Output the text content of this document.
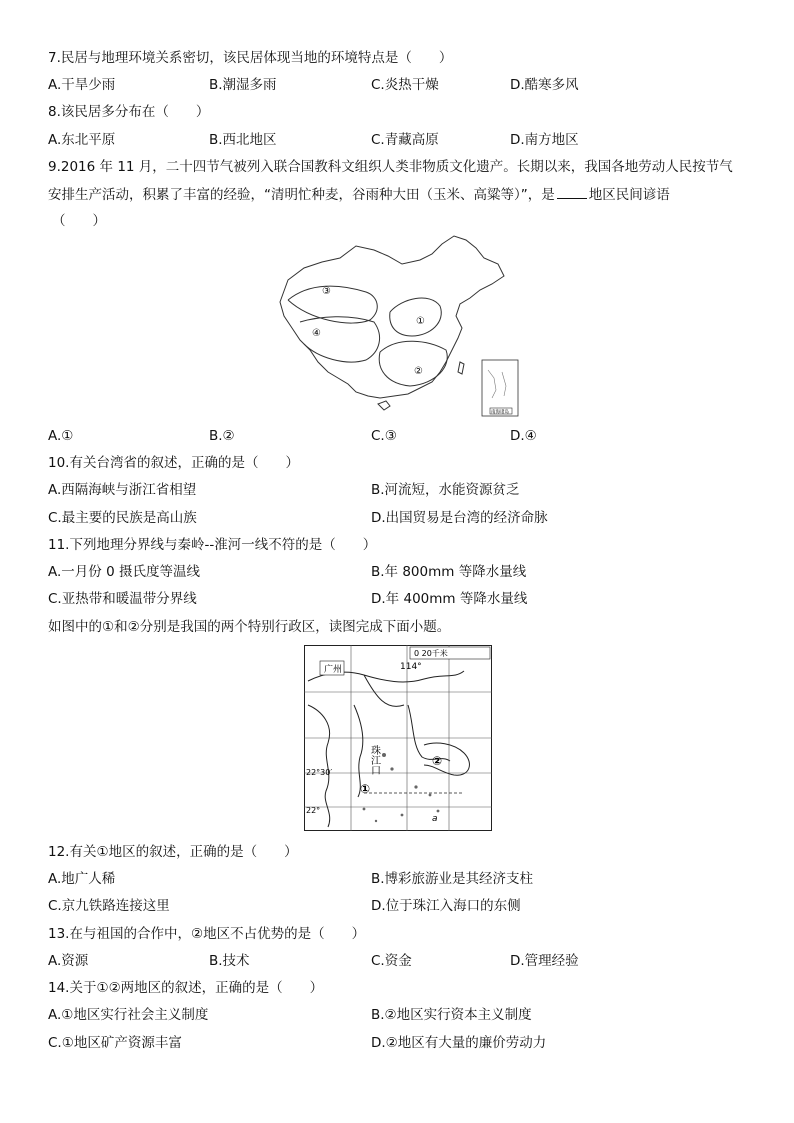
7.民居与地理环境关系密切，该民居体现当地的环境特点是（　　）
A.干旱少雨	B.潮湿多雨	C.炎热干燥	D.酷寒多风
8.该民居多分布在（　　）
A.东北平原	B.西北地区	C.青藏高原	D.南方地区
9.2016 年 11 月，二十四节气被列入联合国教科文组织人类非物质文化遗产。长期以来，我国各地劳动人民按节气
安排生产活动，积累了丰富的经验，“清明忙种麦，谷雨种大田（玉米、高粱等）”，是	地区民间谚语
（　　）
③
④
①
②
南海诸岛
A.①	B.②	C.③	D.④
10.有关台湾省的叙述，正确的是（　　）
A.西隔海峡与浙江省相望	B.河流短，水能资源贫乏
C.最主要的民族是高山族	D.出国贸易是台湾的经济命脉
11.下列地理分界线与秦岭--淮河一线不符的是（　　）
A.一月份 0 摄氏度等温线	B.年 800mm 等降水量线
C.亚热带和暖温带分界线	D.年 400mm 等降水量线
如图中的①和②分别是我国的两个特别行政区，读图完成下面小题。
0 20千米
广州	114°
22°30′
22°
珠江口
①
②
a
12.有关①地区的叙述，正确的是（　　）
A.地广人稀	B.博彩旅游业是其经济支柱
C.京九铁路连接这里	D.位于珠江入海口的东侧
13.在与祖国的合作中，②地区不占优势的是（　　）
A.资源	B.技术	C.资金	D.管理经验
14.关于①②两地区的叙述，正确的是（　　）
A.①地区实行社会主义制度	B.②地区实行资本主义制度
C.①地区矿产资源丰富	D.②地区有大量的廉价劳动力
